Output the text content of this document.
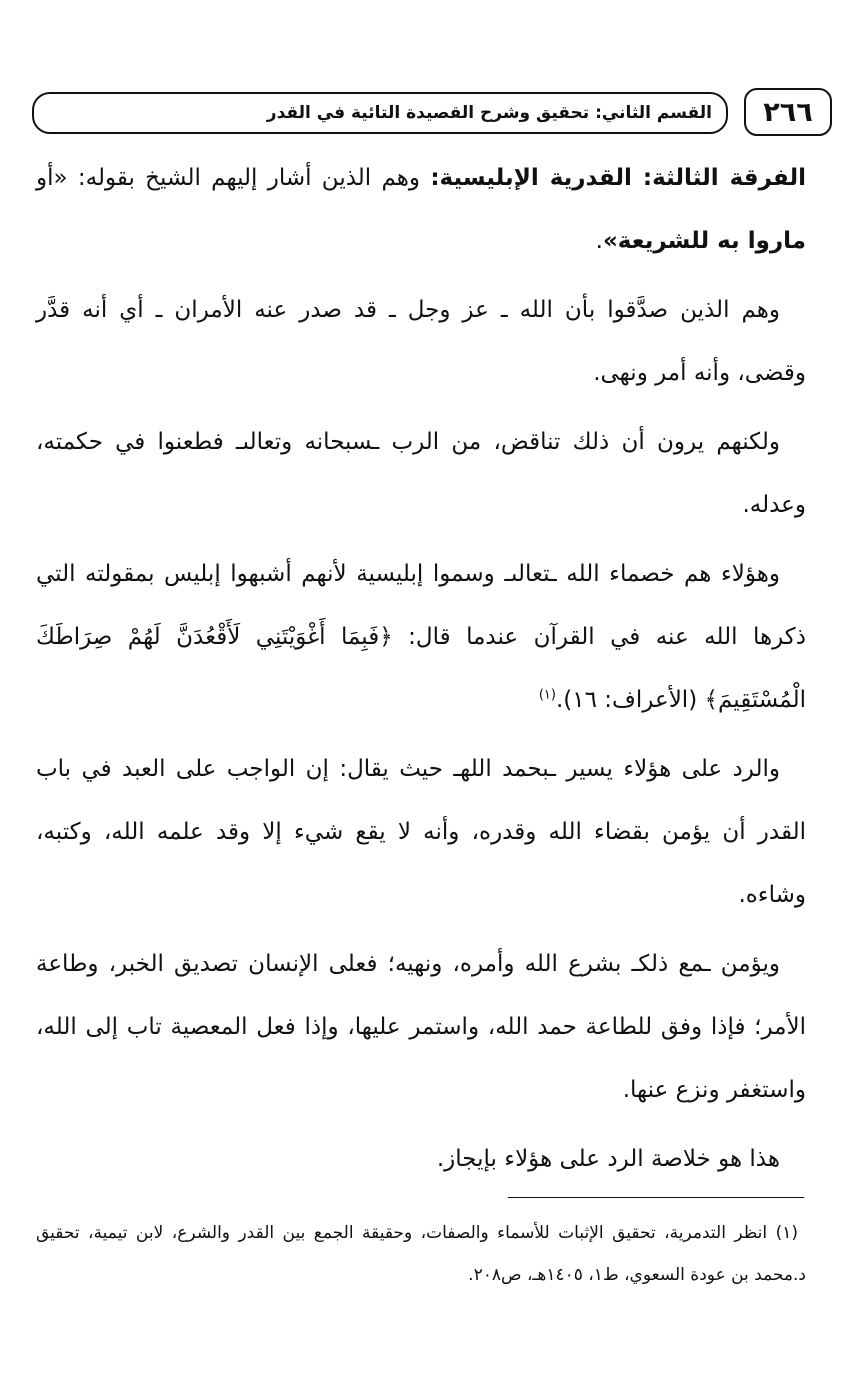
القسم الثاني: تحقيق وشرح القصيدة التائية في القدر	٢٦٦

الفرقة الثالثة: القدرية الإبليسية: وهم الذين أشار إليهم الشيخ بقوله: «أو ماروا به للشريعة».

وهم الذين صدَّقوا بأن الله ـ عز وجل ـ قد صدر عنه الأمران ـ أي أنه قدَّر وقضى، وأنه أمر ونهى.

ولكنهم يرون أن ذلك تناقض، من الرب ـسبحانه وتعالىـ فطعنوا في حكمته، وعدله.

وهؤلاء هم خصماء الله ـتعالىـ وسموا إبليسية لأنهم أشبهوا إبليس بمقولته التي ذكرها الله عنه في القرآن عندما قال: ﴿فَبِمَا أَغْوَيْتَنِي لَأَقْعُدَنَّ لَهُمْ صِرَاطَكَ الْمُسْتَقِيمَ﴾ (الأعراف: ١٦).$^{(١)}$

والرد على هؤلاء يسير ـبحمد اللهـ حيث يقال: إن الواجب على العبد في باب القدر أن يؤمن بقضاء الله وقدره، وأنه لا يقع شيء إلا وقد علمه الله، وكتبه، وشاءه.

ويؤمن ـمع ذلكـ بشرع الله وأمره، ونهيه؛ فعلى الإنسان تصديق الخبر، وطاعة الأمر؛ فإذا وفق للطاعة حمد الله، واستمر عليها، وإذا فعل المعصية تاب إلى الله، واستغفر ونزع عنها.

هذا هو خلاصة الرد على هؤلاء بإيجاز.

(١) انظر التدمرية، تحقيق الإثبات للأسماء والصفات، وحقيقة الجمع بين القدر والشرع، لابن تيمية، تحقيق د.محمد بن عودة السعوي، ط١، ١٤٠٥هـ، ص٢٠٨.
